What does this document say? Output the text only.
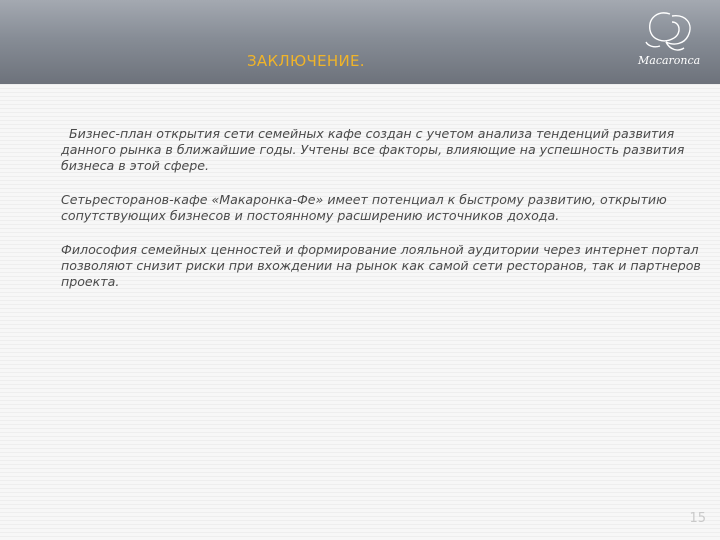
ЗАКЛЮЧЕНИЕ.	Macaronca

Бизнес-план открытия сети семейных кафе создан с учетом анализа тенденций развития данного рынка в ближайшие годы. Учтены все факторы, влияющие на успешность развития бизнеса в этой сфере.

Сетьресторанов-кафе «Макаронка-Фе» имеет потенциал к быстрому развитию, открытию сопутствующих бизнесов и постоянному расширению источников дохода.

Философия семейных ценностей и формирование лояльной аудитории через интернет портал позволяют снизит риски при вхождении на рынок как самой сети ресторанов, так и партнеров проекта.

15
